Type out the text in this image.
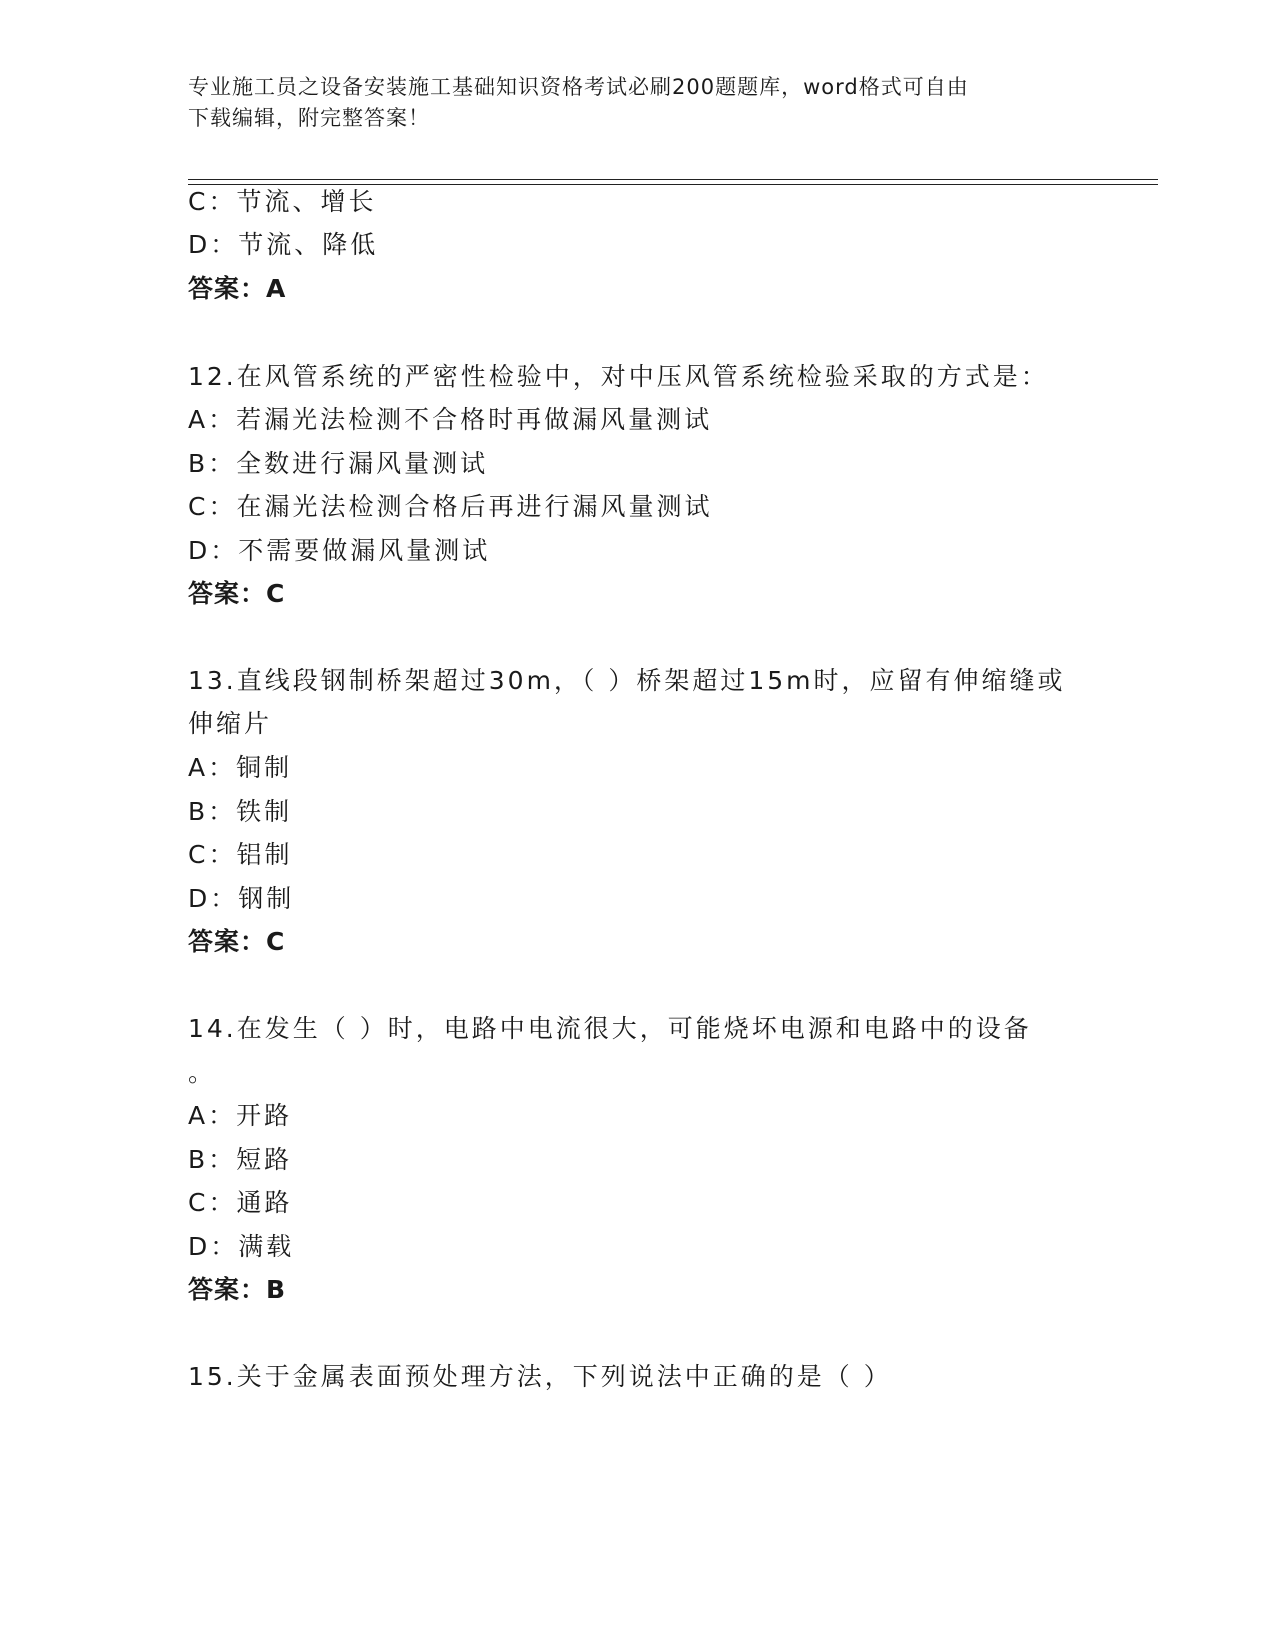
专业施工员之设备安装施工基础知识资格考试必刷200题题库，word格式可自由
下载编辑，附完整答案！
C：节流、增长
D：节流、降低
答案：A
12.在风管系统的严密性检验中，对中压风管系统检验采取的方式是：
A：若漏光法检测不合格时再做漏风量测试
B：全数进行漏风量测试
C：在漏光法检测合格后再进行漏风量测试
D：不需要做漏风量测试
答案：C
13.直线段钢制桥架超过30m，（ ）桥架超过15m时，应留有伸缩缝或
伸缩片
A：铜制
B：铁制
C：铝制
D：钢制
答案：C
14.在发生（ ）时，电路中电流很大，可能烧坏电源和电路中的设备
。
A：开路
B：短路
C：通路
D：满载
答案：B
15.关于金属表面预处理方法，下列说法中正确的是（ ）
